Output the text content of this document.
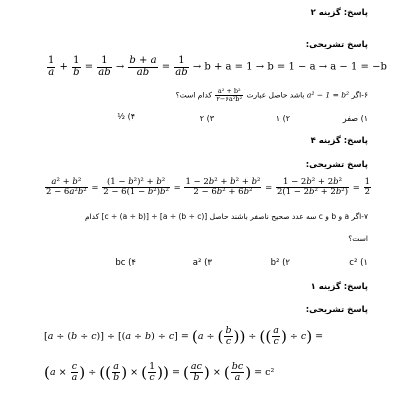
پاسخ: گزینه ۲
پاسخ تشریحی:
$\frac{1}{a} + \frac{1}{b} = \frac{1}{ab} \to \frac{b + a}{ab} = \frac{1}{ab} \to b + a = 1 \to b = 1 - a \to a - 1 = -b$
۶-اگر a² − 1 = b² باشد حاصل عبارت
$\frac{\text{a² + b²}}{\text{۲−۶a²b²}}$
کدام است؟
۱) صفر
۲) ۱
۳) ۲
۴) ½
پاسخ: گزینه ۴
پاسخ تشریحی:
$\frac{\text{a² + b²}}{\text{2 − 6a²b²}} = \frac{\text{(1 − b²)² + b²}}{\text{2 − 6(1 − b²)b²}} = \frac{\text{1 − 2b² + b² + b²}}{\text{2 − 6b² + 6b²}} = \frac{\text{1 − 2b² + 2b²}}{\text{2(1 − 2b² + 2b²)}} = \frac{1}{2}$
۷-اگر a و b و c سه عدد صحیح ناصفر باشند حاصل [a ÷ (b ÷ c)] ÷ [(a ÷ b) ÷ c] کدام
است؟
۱) c²
۲) b²
۳) a²
۴) bc
پاسخ: گزینه ۱
پاسخ تشریحی:
[a ÷ (b ÷ c)] ÷ [(a ÷ b) ÷ c] = (a ÷ ( $\frac{b}{c}$ )) ÷ (( $\frac{a}{c}$ ) ÷ c) =
($a \times \frac{c}{a}$ ) ÷ (( $\frac{a}{b}$ ) × ( $\frac{1}{c}$ )) = ( $\frac{ac}{b}$ ) × ( $\frac{bc}{a}$ ) = c²
